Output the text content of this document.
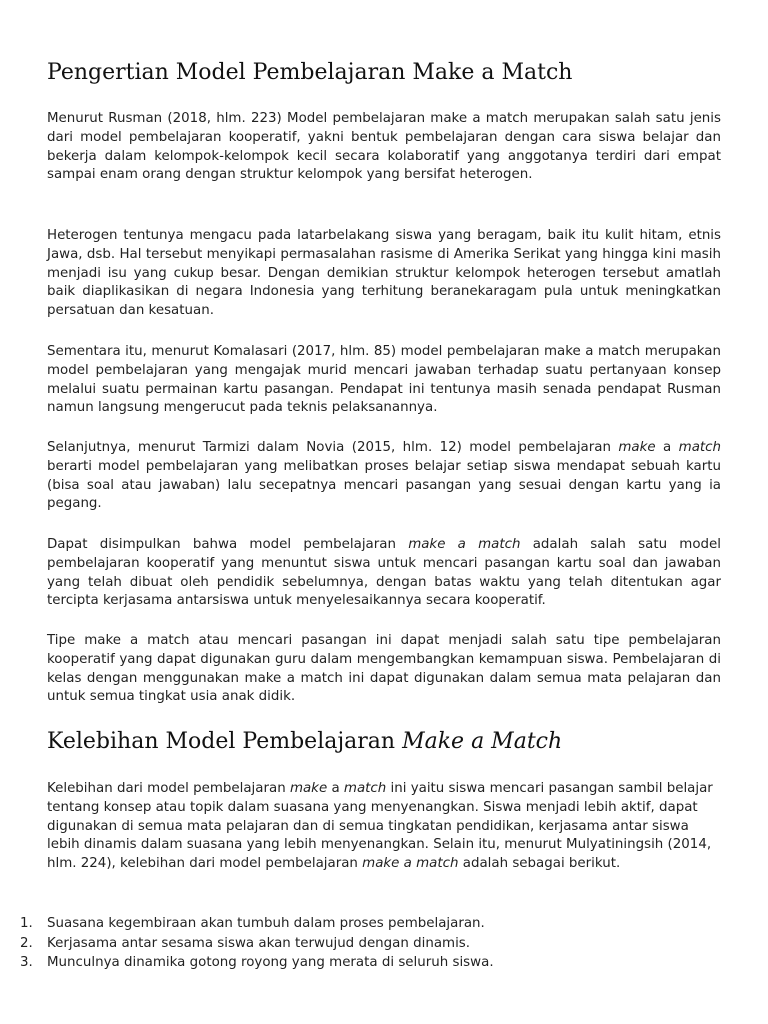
Pengertian Model Pembelajaran Make a Match

Menurut Rusman (2018, hlm. 223) Model pembelajaran make a match merupakan salah satu jenis dari model pembelajaran kooperatif, yakni bentuk pembelajaran dengan cara siswa belajar dan bekerja dalam kelompok-kelompok kecil secara kolaboratif yang anggotanya terdiri dari empat sampai enam orang dengan struktur kelompok yang bersifat heterogen.

Heterogen tentunya mengacu pada latarbelakang siswa yang beragam, baik itu kulit hitam, etnis Jawa, dsb. Hal tersebut menyikapi permasalahan rasisme di Amerika Serikat yang hingga kini masih menjadi isu yang cukup besar. Dengan demikian struktur kelompok heterogen tersebut amatlah baik diaplikasikan di negara Indonesia yang terhitung beranekaragam pula untuk meningkatkan persatuan dan kesatuan.

Sementara itu, menurut Komalasari (2017, hlm. 85) model pembelajaran make a match merupakan model pembelajaran yang mengajak murid mencari jawaban terhadap suatu pertanyaan konsep melalui suatu permainan kartu pasangan. Pendapat ini tentunya masih senada pendapat Rusman namun langsung mengerucut pada teknis pelaksanannya.

Selanjutnya, menurut Tarmizi dalam Novia (2015, hlm. 12) model pembelajaran make a match berarti model pembelajaran yang melibatkan proses belajar setiap siswa mendapat sebuah kartu (bisa soal atau jawaban) lalu secepatnya mencari pasangan yang sesuai dengan kartu yang ia pegang.

Dapat disimpulkan bahwa model pembelajaran make a match adalah salah satu model pembelajaran kooperatif yang menuntut siswa untuk mencari pasangan kartu soal dan jawaban yang telah dibuat oleh pendidik sebelumnya, dengan batas waktu yang telah ditentukan agar tercipta kerjasama antarsiswa untuk menyelesaikannya secara kooperatif.

Tipe make a match atau mencari pasangan ini dapat menjadi salah satu tipe pembelajaran kooperatif yang dapat digunakan guru dalam mengembangkan kemampuan siswa. Pembelajaran di kelas dengan menggunakan make a match ini dapat digunakan dalam semua mata pelajaran dan untuk semua tingkat usia anak didik.

Kelebihan Model Pembelajaran Make a Match

Kelebihan dari model pembelajaran make a match ini yaitu siswa mencari pasangan sambil belajar tentang konsep atau topik dalam suasana yang menyenangkan. Siswa menjadi lebih aktif, dapat digunakan di semua mata pelajaran dan di semua tingkatan pendidikan, kerjasama antar siswa lebih dinamis dalam suasana yang lebih menyenangkan. Selain itu, menurut Mulyatiningsih (2014, hlm. 224), kelebihan dari model pembelajaran make a match adalah sebagai berikut.

1.	Suasana kegembiraan akan tumbuh dalam proses pembelajaran.
2.	Kerjasama antar sesama siswa akan terwujud dengan dinamis.
3.	Munculnya dinamika gotong royong yang merata di seluruh siswa.
